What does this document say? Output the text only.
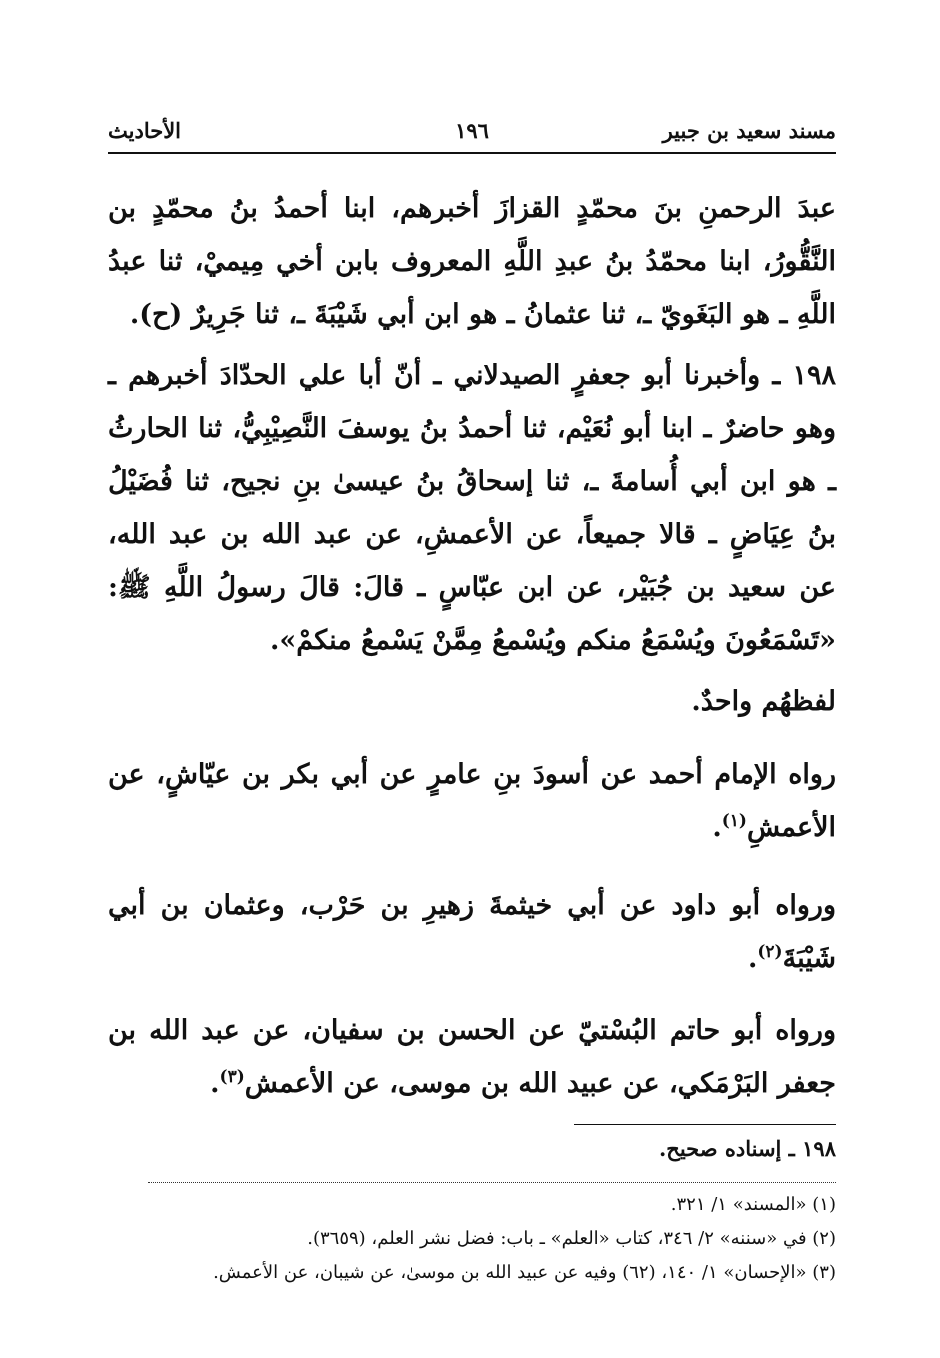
مسند سعيد بن جبير
١٩٦
الأحاديث
عبدَ الرحمنِ بنَ محمّدٍ القزازَ أخبرهم، ابنا أحمدُ بنُ محمّدٍ بن النَّقُّورُ، ابنا محمّدُ بنُ عبدِ اللَّهِ المعروف بابن أخي مِيميْ، ثنا عبدُ اللَّهِ ـ هو البَغَويّ ـ، ثنا عثمانُ ـ هو ابن أبي شَيْبَةَ ـ، ثنا جَرِيرٌ (ح).
١٩٨ ـ وأخبرنا أبو جعفرٍ الصيدلاني ـ أنّ أبا علي الحدّادَ أخبرهم ـ وهو حاضرٌ ـ ابنا أبو نُعَيْم، ثنا أحمدُ بنُ يوسفَ النَّصِيْبِيُّ، ثنا الحارثُ ـ هو ابن أبي أُسامةَ ـ، ثنا إسحاقُ بنُ عيسىٰ بنِ نجيح، ثنا فُضَيْلُ بنُ عِيَاضٍ ـ قالا جميعاً، عن الأعمشِ، عن عبد الله بن عبد الله، عن سعيد بن جُبَيْر، عن ابن عبّاسٍ ـ قالَ: قالَ رسولُ اللَّهِ ﷺ: «تَسْمَعُونَ ويُسْمَعُ منكم ويُسْمعُ مِمَّنْ يَسْمعُ منكمْ».
لفظهُم واحدٌ.
رواه الإمام أحمد عن أسودَ بنِ عامرٍ عن أبي بكر بن عيّاشٍ، عن الأعمشِ$^{(١)}$.
ورواه أبو داود عن أبي خيثمةَ زهيرِ بن حَرْب، وعثمان بن أبي شَيْبَةَ$^{(٢)}$.
ورواه أبو حاتم البُسْتيّ عن الحسن بن سفيان، عن عبد الله بن جعفر البَرْمَكي، عن عبيد الله بن موسى، عن الأعمش$^{(٣)}$.
١٩٨ ـ إسناده صحيح.
(١) «المسند» ١/ ٣٢١.
(٢) في «سننه» ٢/ ٣٤٦، كتاب «العلم» ـ باب: فضل نشر العلم، (٣٦٥٩).
(٣) «الإحسان» ١/ ١٤٠، (٦٢) وفيه عن عبيد الله بن موسىٰ، عن شيبان، عن الأعمش.
